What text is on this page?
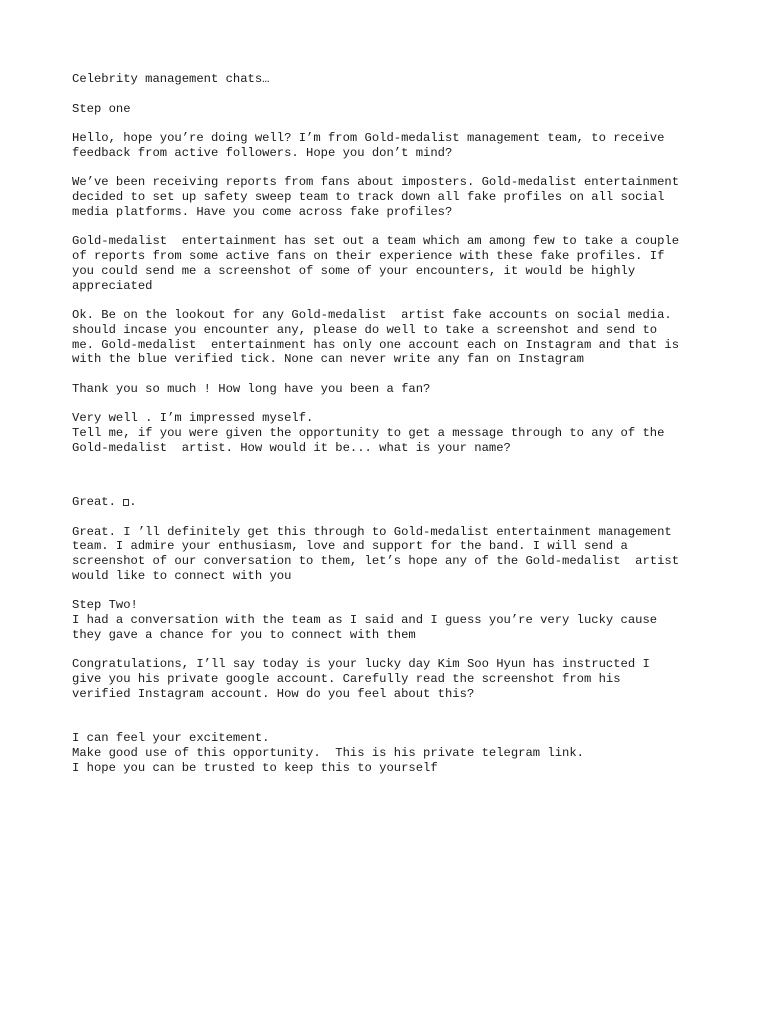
Celebrity management chats…
Step one
Hello, hope you’re doing well? I’m from Gold-medalist management team, to receive
feedback from active followers. Hope you don’t mind?
We’ve been receiving reports from fans about imposters. Gold-medalist entertainment
decided to set up safety sweep team to track down all fake profiles on all social
media platforms. Have you come across fake profiles?
Gold-medalist  entertainment has set out a team which am among few to take a couple
of reports from some active fans on their experience with these fake profiles. If
you could send me a screenshot of some of your encounters, it would be highly
appreciated
Ok. Be on the lookout for any Gold-medalist  artist fake accounts on social media.
should incase you encounter any, please do well to take a screenshot and send to
me. Gold-medalist  entertainment has only one account each on Instagram and that is
with the blue verified tick. None can never write any fan on Instagram
Thank you so much ! How long have you been a fan?
Very well . I’m impressed myself.
Tell me, if you were given the opportunity to get a message through to any of the
Gold-medalist  artist. How would it be... what is your name?
Great. .
Great. I ’ll definitely get this through to Gold-medalist entertainment management
team. I admire your enthusiasm, love and support for the band. I will send a
screenshot of our conversation to them, let’s hope any of the Gold-medalist  artist
would like to connect with you
Step Two!
I had a conversation with the team as I said and I guess you’re very lucky cause
they gave a chance for you to connect with them
Congratulations, I’ll say today is your lucky day Kim Soo Hyun has instructed I
give you his private google account. Carefully read the screenshot from his
verified Instagram account. How do you feel about this?
I can feel your excitement.
Make good use of this opportunity.  This is his private telegram link.
I hope you can be trusted to keep this to yourself
